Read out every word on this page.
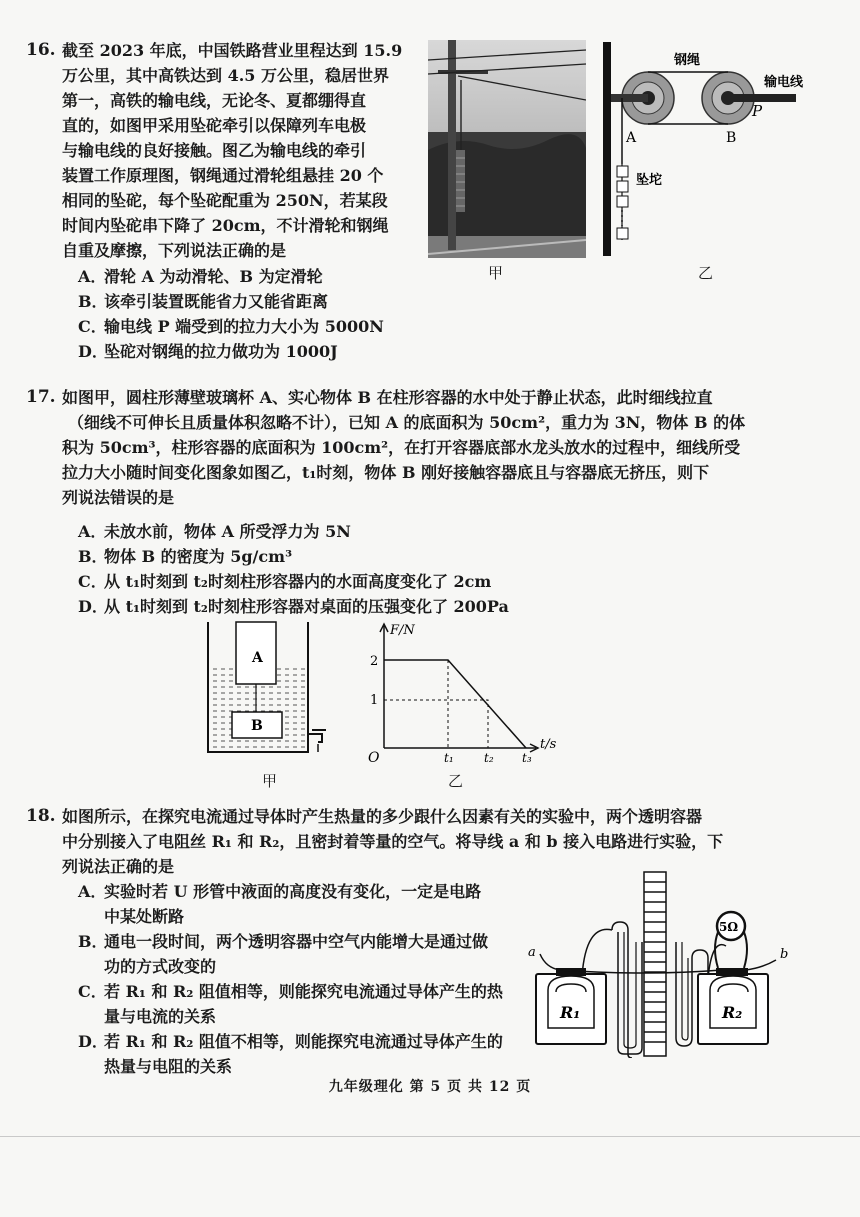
16. 截至 2023 年底，中国铁路营业里程达到 15.9
万公里，其中高铁达到 4.5 万公里，稳居世界
第一，高铁的输电线，无论冬、夏都绷得直
直的，如图甲采用坠砣牵引以保障列车电极
与输电线的良好接触。图乙为输电线的牵引
装置工作原理图，钢绳通过滑轮组悬挂 20 个
相同的坠砣，每个坠砣配重为 250N，若某段
时间内坠砣串下降了 20cm，不计滑轮和钢绳
自重及摩擦，下列说法正确的是
A．滑轮 A 为动滑轮、B 为定滑轮
B．该牵引装置既能省力又能省距离
C．输电线 P 端受到的拉力大小为 5000N
D．坠砣对钢绳的拉力做功为 1000J
甲
钢绳
输电线
A	B
P
坠坨
乙
17. 如图甲，圆柱形薄壁玻璃杯 A、实心物体 B 在柱形容器的水中处于静止状态，此时细线拉直
（细线不可伸长且质量体积忽略不计），已知 A 的底面积为 50cm²，重力为 3N，物体 B 的体
积为 50cm³，柱形容器的底面积为 100cm²，在打开容器底部水龙头放水的过程中，细线所受
拉力大小随时间变化图象如图乙，t₁时刻，物体 B 刚好接触容器底且与容器底无挤压，则下
列说法错误的是
A．未放水前，物体 A 所受浮力为 5N
B．物体 B 的密度为 5g/cm³
C．从 t₁时刻到 t₂时刻柱形容器内的水面高度变化了 2cm
D．从 t₁时刻到 t₂时刻柱形容器对桌面的压强变化了 200Pa
A
B
甲
F/N
t/s
O
2
1
t₁	t₂ t₃
乙
18. 如图所示，在探究电流通过导体时产生热量的多少跟什么因素有关的实验中，两个透明容器
中分别接入了电阻丝 R₁ 和 R₂，且密封着等量的空气。将导线 a 和 b 接入电路进行实验，下
列说法正确的是
A．实验时若 U 形管中液面的高度没有变化，一定是电路
中某处断路
B．通电一段时间，两个透明容器中空气内能增大是通过做
功的方式改变的
C．若 R₁ 和 R₂ 阻值相等，则能探究电流通过导体产生的热
量与电流的关系
D．若 R₁ 和 R₂ 阻值不相等，则能探究电流通过导体产生的
热量与电阻的关系
R₁	R₂
5Ω
a	b
九年级理化 第 5 页 共 12 页
